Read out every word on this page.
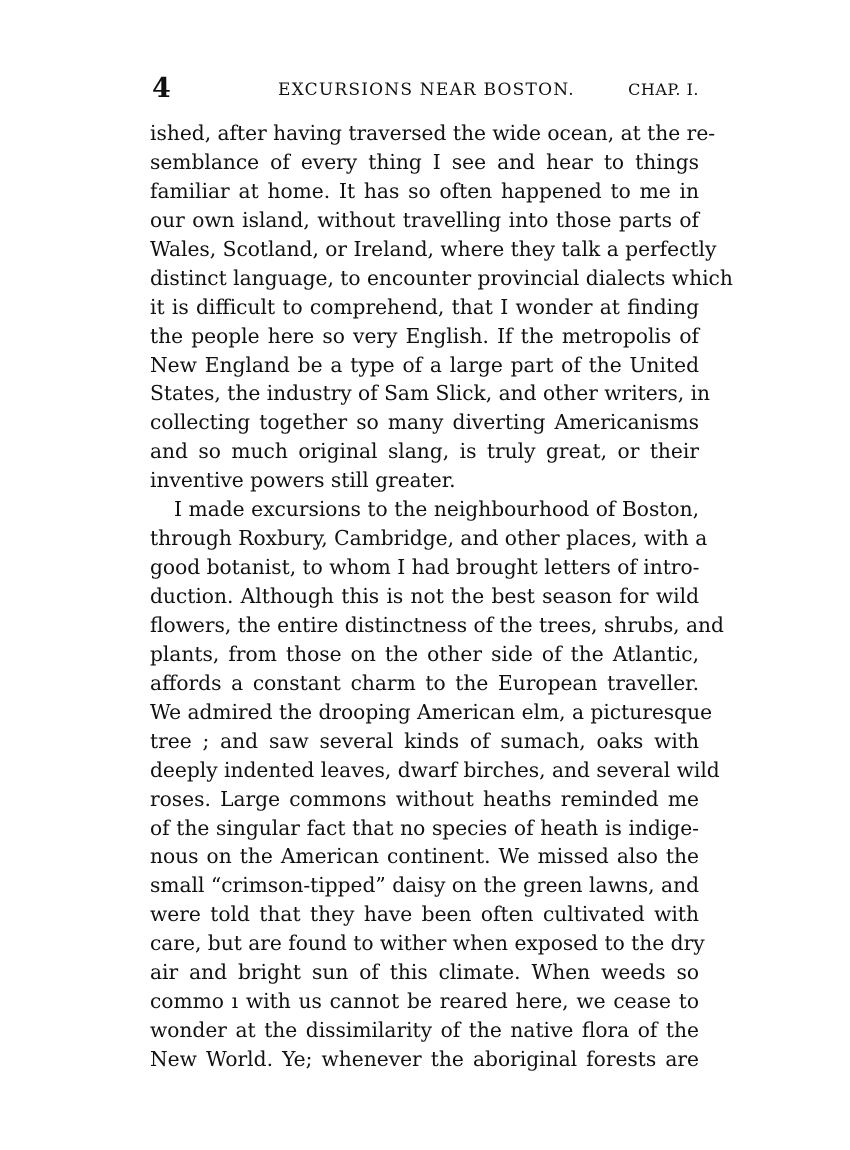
4	EXCURSIONS NEAR BOSTON.	CHAP. I.
ished, after having traversed the wide ocean, at the re-
semblance of every thing I see and hear to things
familiar at home. It has so often happened to me in
our own island, without travelling into those parts of
Wales, Scotland, or Ireland, where they talk a perfectly
distinct language, to encounter provincial dialects which
it is difficult to comprehend, that I wonder at finding
the people here so very English. If the metropolis of
New England be a type of a large part of the United
States, the industry of Sam Slick, and other writers, in
collecting together so many diverting Americanisms
and so much original slang, is truly great, or their
inventive powers still greater.
I made excursions to the neighbourhood of Boston,
through Roxbury, Cambridge, and other places, with a
good botanist, to whom I had brought letters of intro-
duction. Although this is not the best season for wild
flowers, the entire distinctness of the trees, shrubs, and
plants, from those on the other side of the Atlantic,
affords a constant charm to the European traveller.
We admired the drooping American elm, a picturesque
tree ; and saw several kinds of sumach, oaks with
deeply indented leaves, dwarf birches, and several wild
roses. Large commons without heaths reminded me
of the singular fact that no species of heath is indige-
nous on the American continent. We missed also the
small “crimson-tipped” daisy on the green lawns, and
were told that they have been often cultivated with
care, but are found to wither when exposed to the dry
air and bright sun of this climate. When weeds so
commo ı with us cannot be reared here, we cease to
wonder at the dissimilarity of the native flora of the
New World. Ye; whenever the aboriginal forests are
